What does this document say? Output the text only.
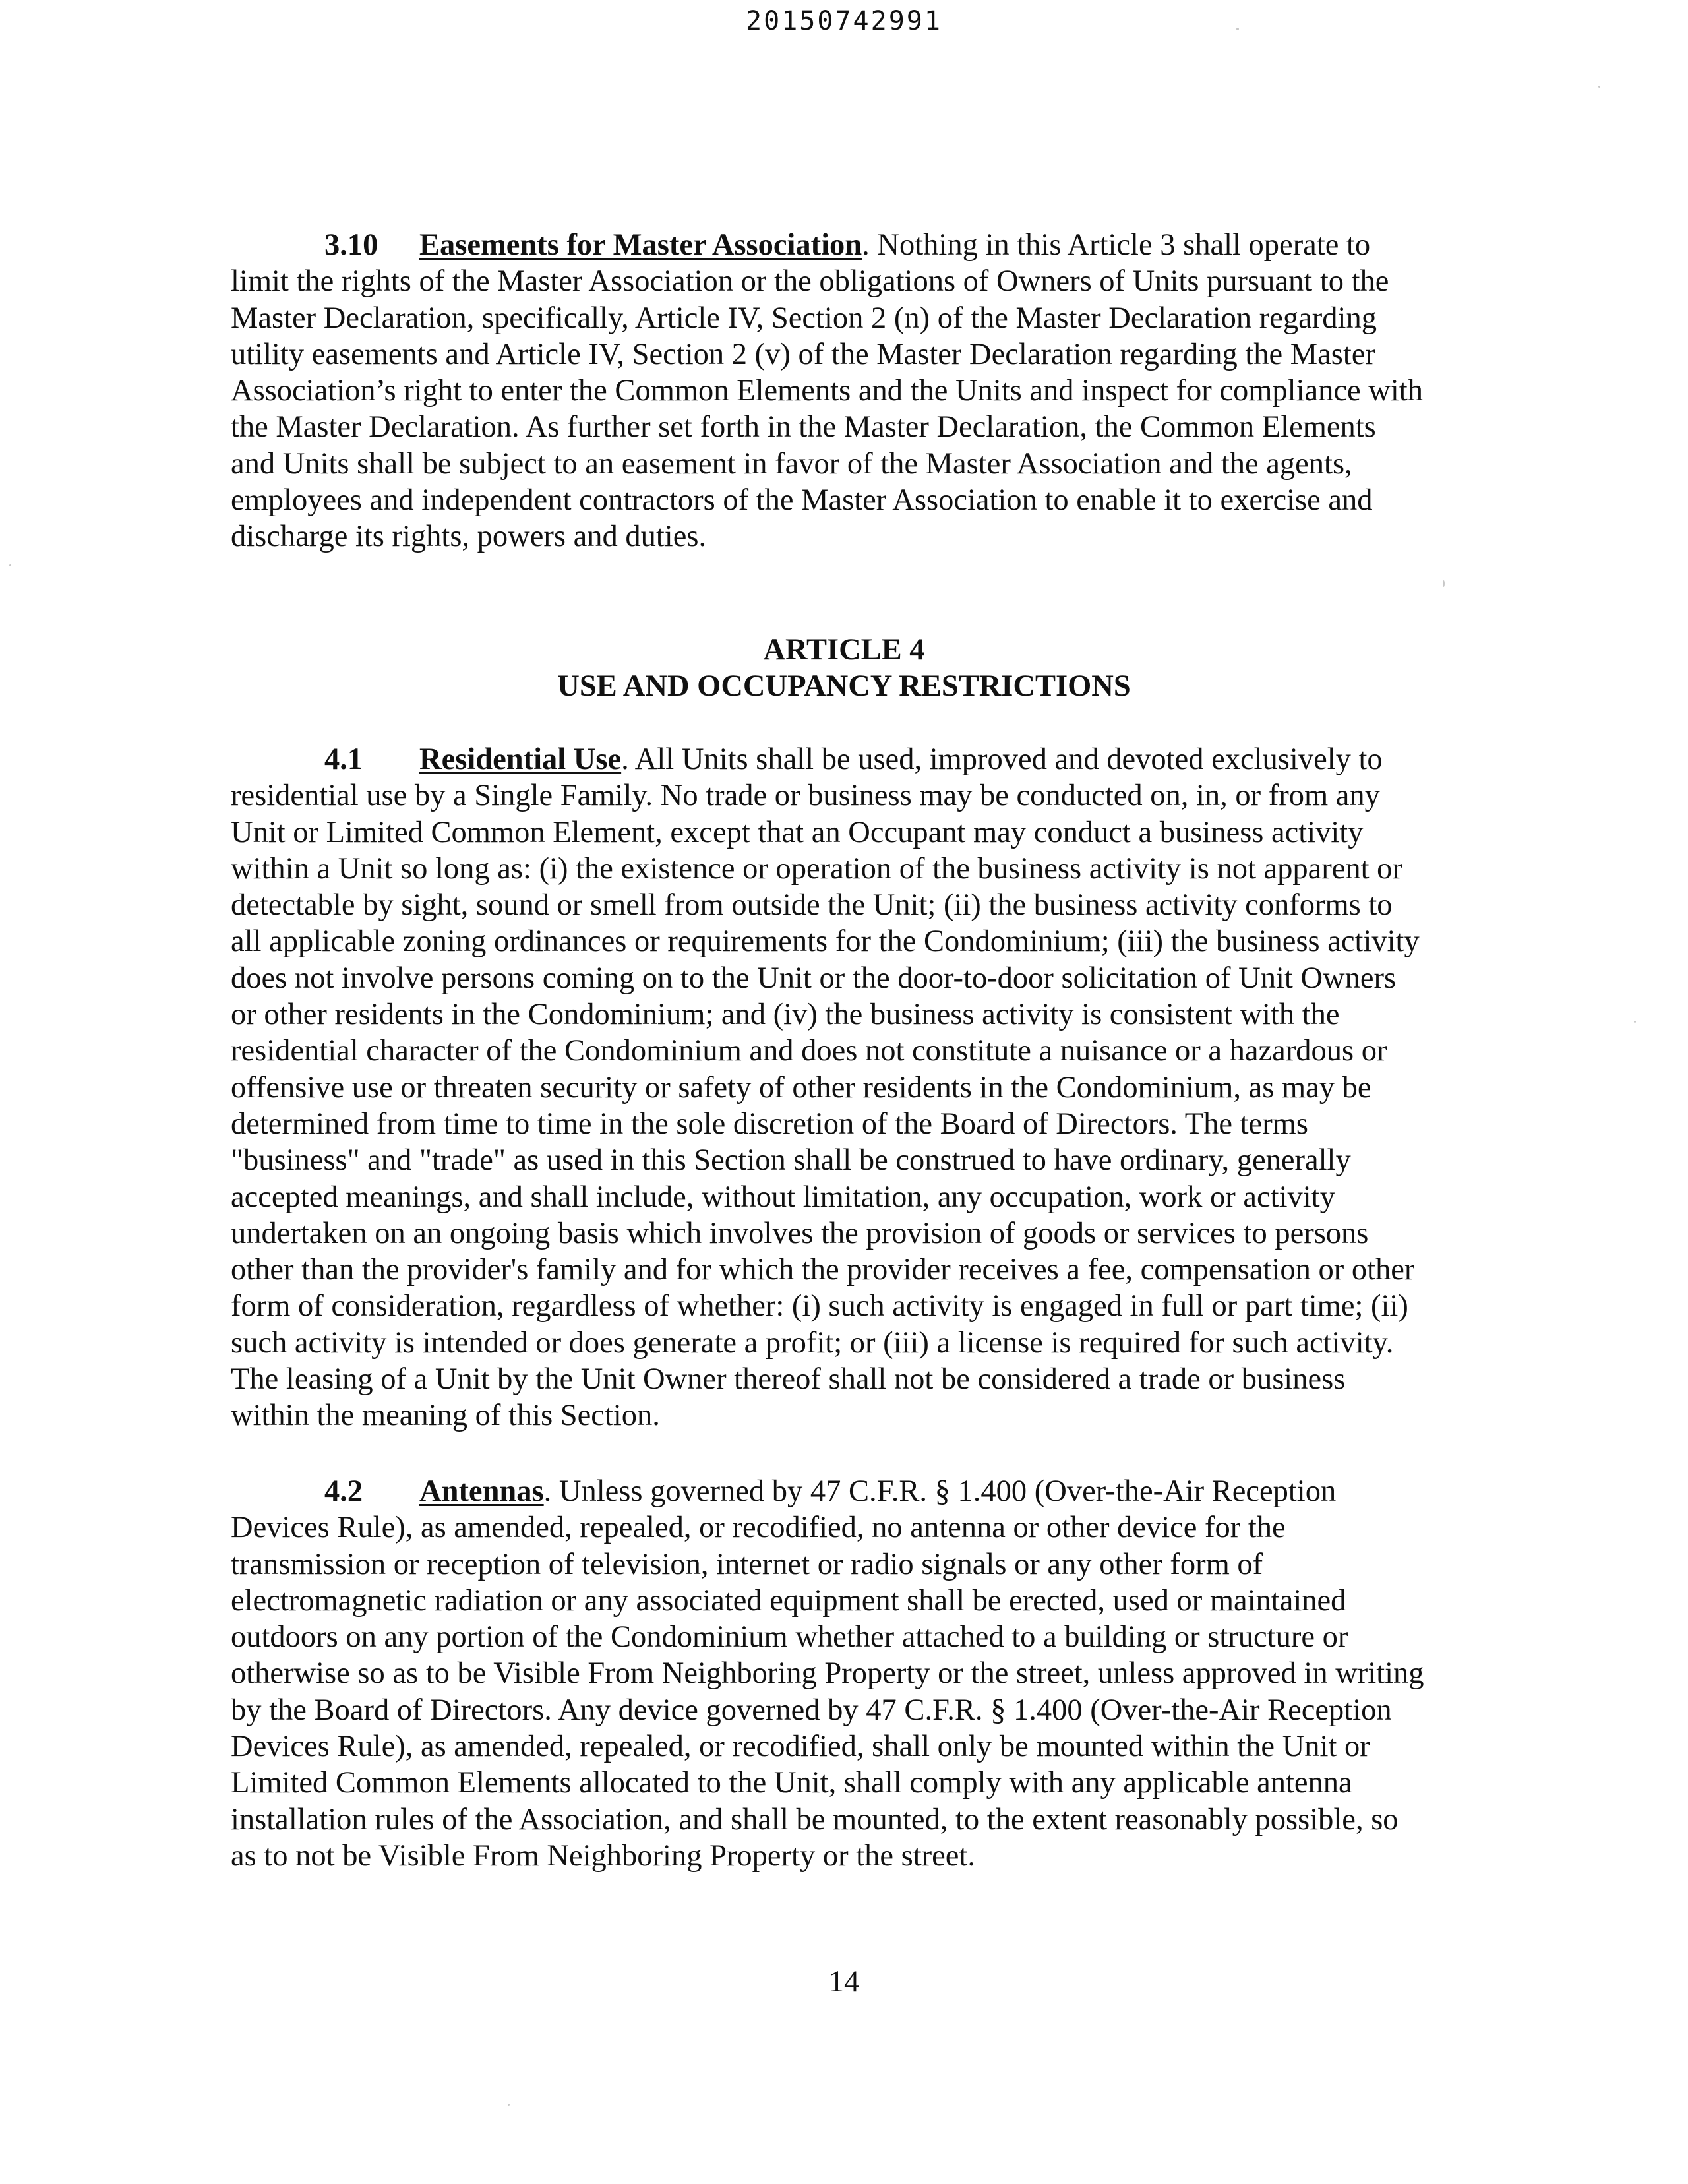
20150742991
3.10 Easements for Master Association. Nothing in this Article 3 shall operate to
limit the rights of the Master Association or the obligations of Owners of Units pursuant to the
Master Declaration, specifically, Article IV, Section 2 (n) of the Master Declaration regarding
utility easements and Article IV, Section 2 (v) of the Master Declaration regarding the Master
Association’s right to enter the Common Elements and the Units and inspect for compliance with
the Master Declaration. As further set forth in the Master Declaration, the Common Elements
and Units shall be subject to an easement in favor of the Master Association and the agents,
employees and independent contractors of the Master Association to enable it to exercise and
discharge its rights, powers and duties.
ARTICLE 4
USE AND OCCUPANCY RESTRICTIONS
4.1 Residential Use. All Units shall be used, improved and devoted exclusively to
residential use by a Single Family. No trade or business may be conducted on, in, or from any
Unit or Limited Common Element, except that an Occupant may conduct a business activity
within a Unit so long as: (i) the existence or operation of the business activity is not apparent or
detectable by sight, sound or smell from outside the Unit; (ii) the business activity conforms to
all applicable zoning ordinances or requirements for the Condominium; (iii) the business activity
does not involve persons coming on to the Unit or the door-to-door solicitation of Unit Owners
or other residents in the Condominium; and (iv) the business activity is consistent with the
residential character of the Condominium and does not constitute a nuisance or a hazardous or
offensive use or threaten security or safety of other residents in the Condominium, as may be
determined from time to time in the sole discretion of the Board of Directors. The terms
"business" and "trade" as used in this Section shall be construed to have ordinary, generally
accepted meanings, and shall include, without limitation, any occupation, work or activity
undertaken on an ongoing basis which involves the provision of goods or services to persons
other than the provider's family and for which the provider receives a fee, compensation or other
form of consideration, regardless of whether: (i) such activity is engaged in full or part time; (ii)
such activity is intended or does generate a profit; or (iii) a license is required for such activity.
The leasing of a Unit by the Unit Owner thereof shall not be considered a trade or business
within the meaning of this Section.
4.2 Antennas. Unless governed by 47 C.F.R. § 1.400 (Over-the-Air Reception
Devices Rule), as amended, repealed, or recodified, no antenna or other device for the
transmission or reception of television, internet or radio signals or any other form of
electromagnetic radiation or any associated equipment shall be erected, used or maintained
outdoors on any portion of the Condominium whether attached to a building or structure or
otherwise so as to be Visible From Neighboring Property or the street, unless approved in writing
by the Board of Directors. Any device governed by 47 C.F.R. § 1.400 (Over-the-Air Reception
Devices Rule), as amended, repealed, or recodified, shall only be mounted within the Unit or
Limited Common Elements allocated to the Unit, shall comply with any applicable antenna
installation rules of the Association, and shall be mounted, to the extent reasonably possible, so
as to not be Visible From Neighboring Property or the street.
14
